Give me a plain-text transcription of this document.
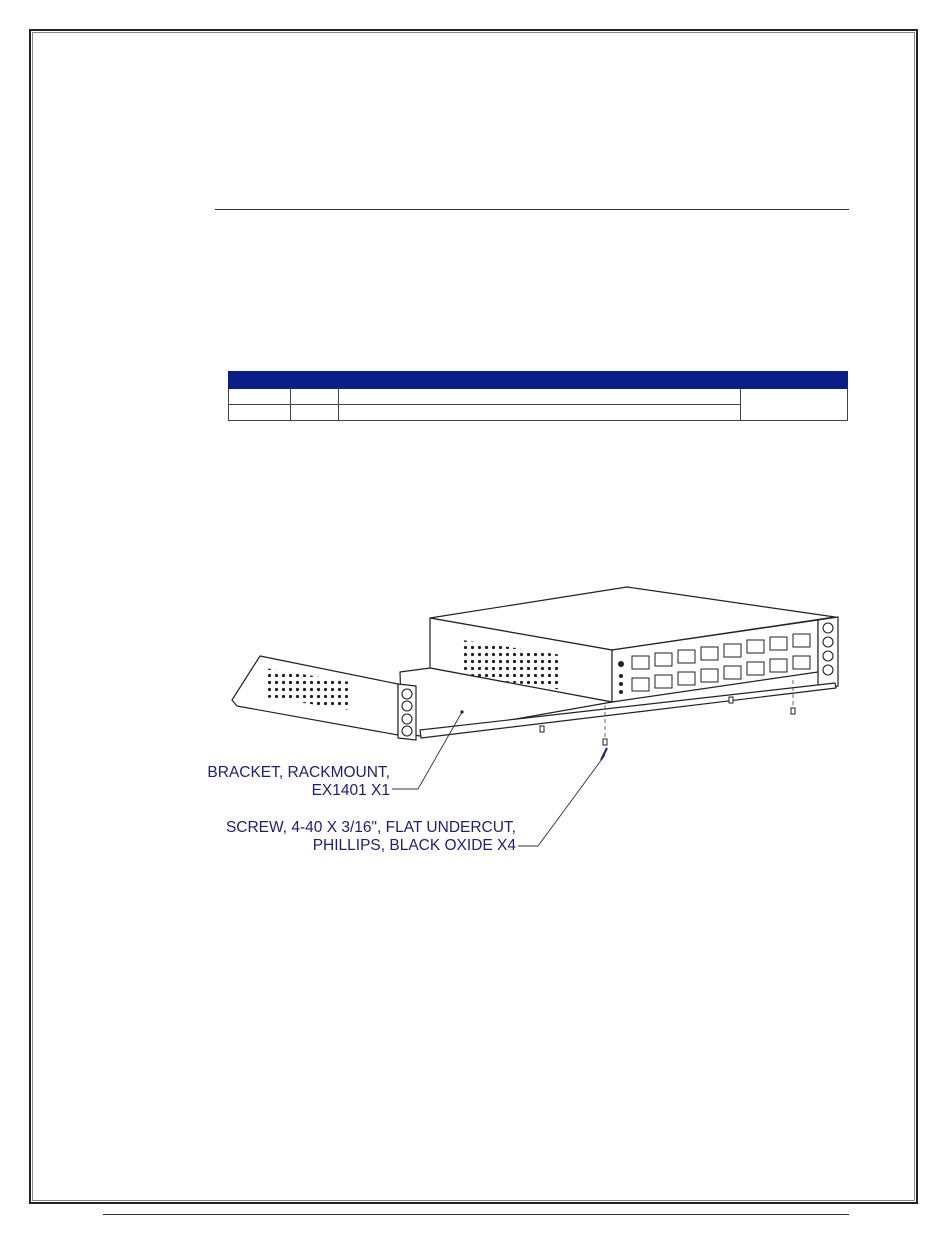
BRACKET, RACKMOUNT,
EX1401 X1
SCREW, 4-40 X 3/16", FLAT UNDERCUT,
PHILLIPS, BLACK OXIDE X4
